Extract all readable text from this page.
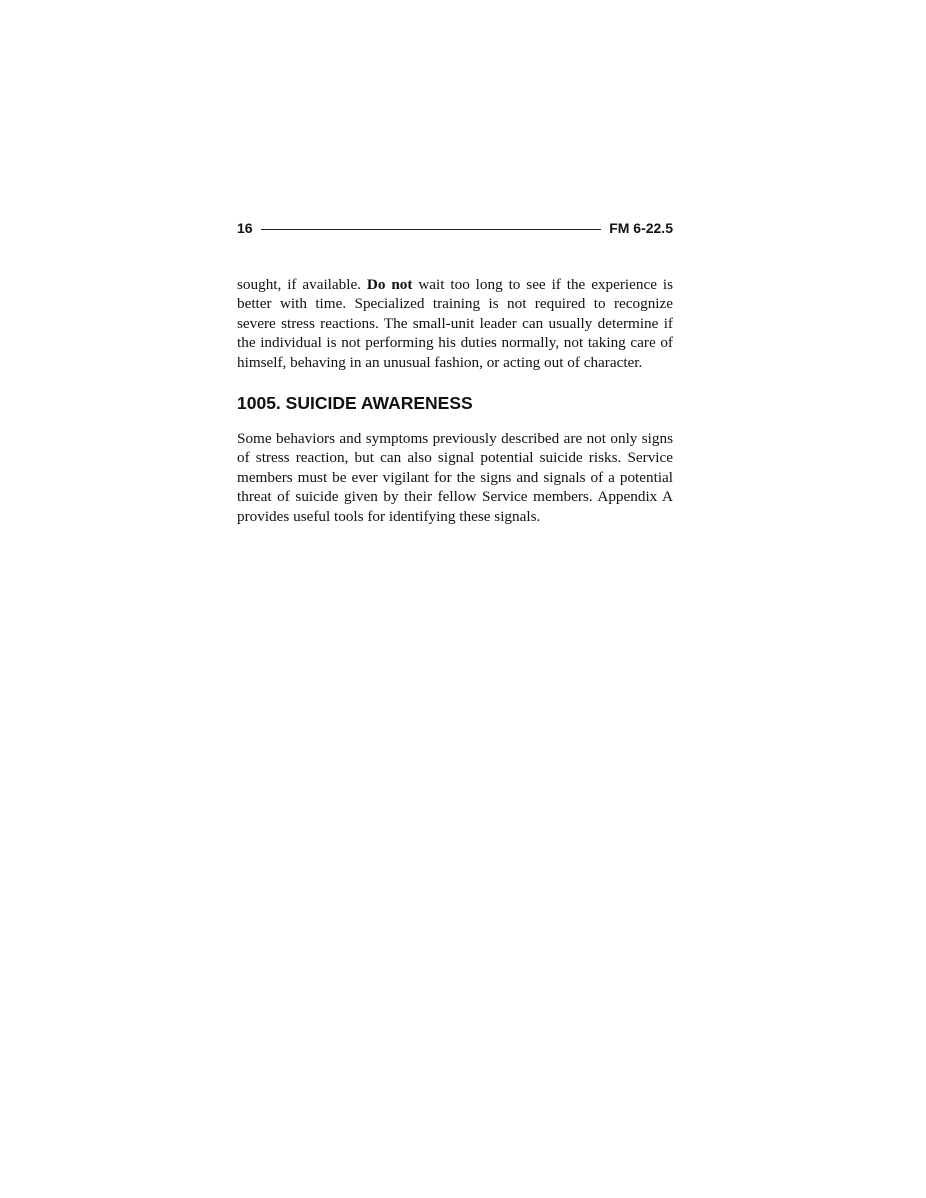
16	FM 6-22.5

sought, if available. Do not wait too long to see if the experience is better with time. Specialized training is not required to recognize severe stress reactions. The small-unit leader can usually determine if the individual is not performing his duties normally, not taking care of himself, behaving in an unusual fashion, or acting out of character.

1005. SUICIDE AWARENESS

Some behaviors and symptoms previously described are not only signs of stress reaction, but can also signal potential suicide risks. Service members must be ever vigilant for the signs and signals of a potential threat of suicide given by their fellow Service members. Appendix A provides useful tools for identifying these signals.
